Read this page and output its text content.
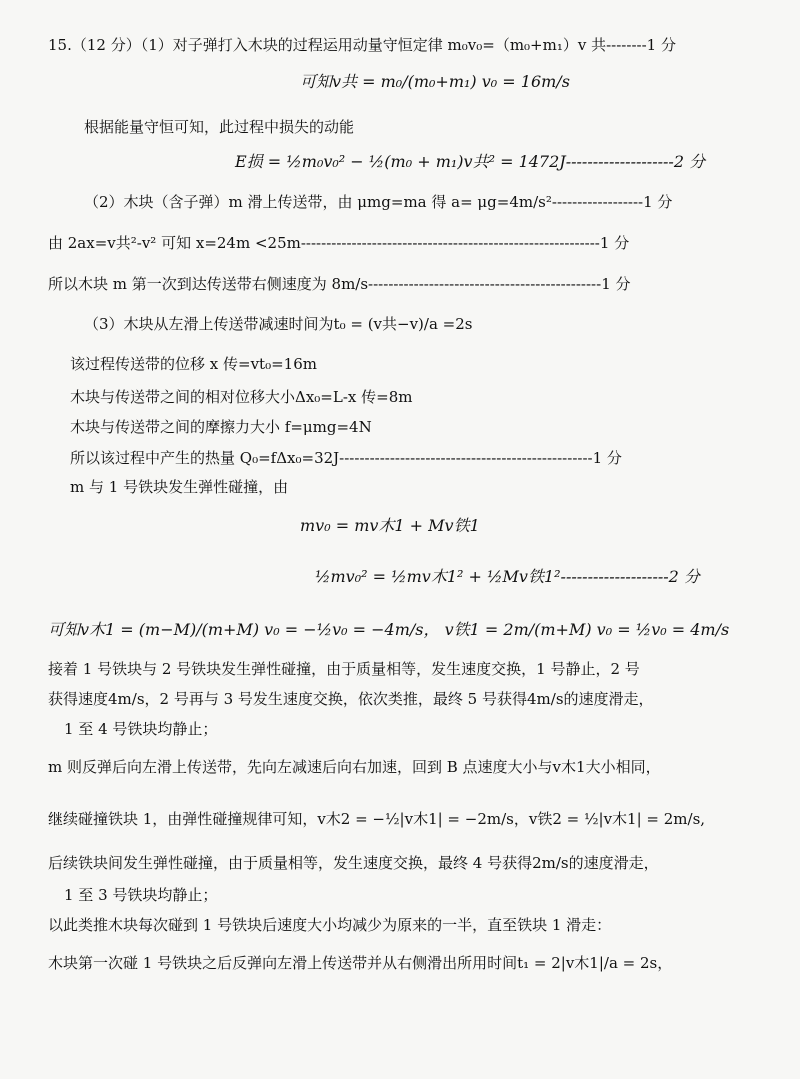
15.（12 分）（1）对子弹打入木块的过程运用动量守恒定律 m₀v₀=（m₀+m₁）v 共--------1 分
可知v共 = m₀/(m₀+m₁) v₀ = 16m/s
根据能量守恒可知，此过程中损失的动能
E损 = ½m₀v₀² − ½(m₀ + m₁)v共² = 1472J--------------------2 分
（2）木块（含子弹）m 滑上传送带，由 μmg=ma 得 a= μg=4m/s²------------------1 分
由 2ax=v共²-v² 可知 x=24m <25m-----------------------------------------------------------1 分
所以木块 m 第一次到达传送带右侧速度为 8m/s----------------------------------------------1 分
（3）木块从左滑上传送带减速时间为t₀ = (v共−v)/a =2s
该过程传送带的位移 x 传=vt₀=16m
木块与传送带之间的相对位移大小Δx₀=L-x 传=8m
木块与传送带之间的摩擦力大小 f=μmg=4N
所以该过程中产生的热量 Q₀=fΔx₀=32J--------------------------------------------------1 分
m 与 1 号铁块发生弹性碰撞，由
mv₀ = mv木1 + Mv铁1
½mv₀² = ½mv木1² + ½Mv铁1²--------------------2 分
可知v木1 = (m−M)/(m+M) v₀ = −½v₀ = −4m/s， v铁1 = 2m/(m+M) v₀ = ½v₀ = 4m/s
接着 1 号铁块与 2 号铁块发生弹性碰撞，由于质量相等，发生速度交换，1 号静止，2 号
获得速度4m/s，2 号再与 3 号发生速度交换，依次类推，最终 5 号获得4m/s的速度滑走，
1 至 4 号铁块均静止；
m 则反弹后向左滑上传送带，先向左减速后向右加速，回到 B 点速度大小与v木1大小相同，
继续碰撞铁块 1，由弹性碰撞规律可知，v木2 = −½|v木1| = −2m/s，v铁2 = ½|v木1| = 2m/s,
后续铁块间发生弹性碰撞，由于质量相等，发生速度交换，最终 4 号获得2m/s的速度滑走，
1 至 3 号铁块均静止；
以此类推木块每次碰到 1 号铁块后速度大小均减少为原来的一半，直至铁块 1 滑走：
木块第一次碰 1 号铁块之后反弹向左滑上传送带并从右侧滑出所用时间t₁ = 2|v木1|/a = 2s，
